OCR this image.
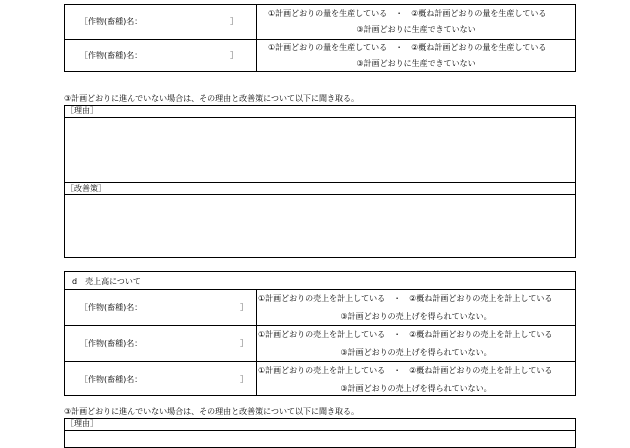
［作物(畜種)名：	］
①計画どおりの量を生産している　・　②概ね計画どおりの量を生産している
③計画どおりに生産できていない
［作物(畜種)名：	］
①計画どおりの量を生産している　・　②概ね計画どおりの量を生産している
③計画どおりに生産できていない
③計画どおりに進んでいない場合は、その理由と改善策について以下に聞き取る。
［理由］
［改善策］
d　売上高について
［作物(畜種)名：	］
①計画どおりの売上を計上している　・　②概ね計画どおりの売上を計上している
③計画どおりの売上げを得られていない。
［作物(畜種)名：	］
①計画どおりの売上を計上している　・　②概ね計画どおりの売上を計上している
③計画どおりの売上げを得られていない。
［作物(畜種)名：	］
①計画どおりの売上を計上している　・　②概ね計画どおりの売上を計上している
③計画どおりの売上げを得られていない。
③計画どおりに進んでいない場合は、その理由と改善策について以下に聞き取る。
［理由］
